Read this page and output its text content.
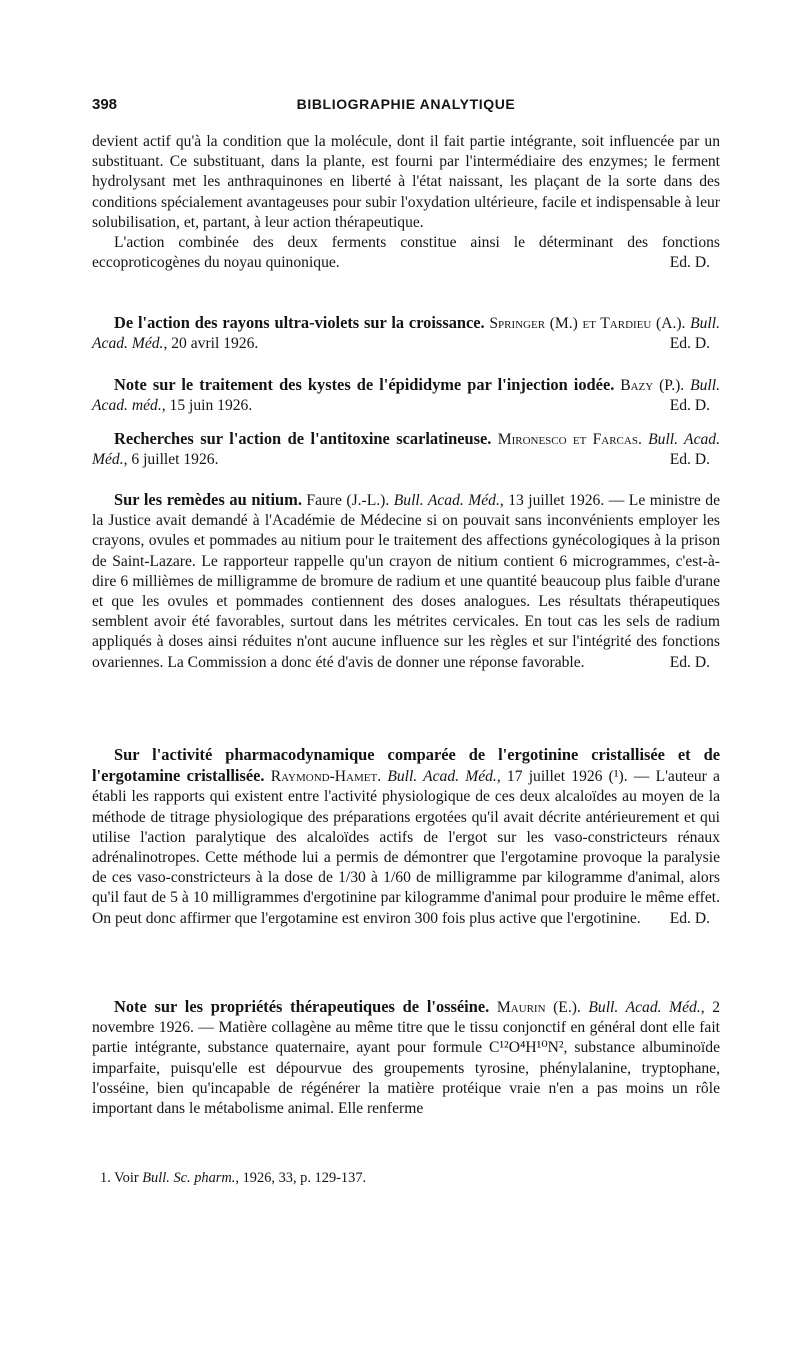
398	BIBLIOGRAPHIE ANALYTIQUE

devient actif qu'à la condition que la molécule, dont il fait partie intégrante, soit influencée par un substituant. Ce substituant, dans la plante, est fourni par l'intermédiaire des enzymes; le ferment hydrolysant met les anthraquinones en liberté à l'état naissant, les plaçant de la sorte dans des conditions spécialement avantageuses pour subir l'oxydation ultérieure, facile et indispensable à leur solubilisation, et, partant, à leur action thérapeutique.

L'action combinée des deux ferments constitue ainsi le déterminant des fonctions eccoproticogènes du noyau quinonique.	Ed. D.

De l'action des rayons ultra-violets sur la croissance. Springer (M.) et Tardieu (A.). Bull. Acad. Méd., 20 avril 1926.	Ed. D.

Note sur le traitement des kystes de l'épididyme par l'injection iodée. Bazy (P.). Bull. Acad. méd., 15 juin 1926.	Ed. D.

Recherches sur l'action de l'antitoxine scarlatineuse. Mironesco et Farcas. Bull. Acad. Méd., 6 juillet 1926.	Ed. D.

Sur les remèdes au nitium. Faure (J.-L.). Bull. Acad. Méd., 13 juillet 1926. — Le ministre de la Justice avait demandé à l'Académie de Médecine si on pouvait sans inconvénients employer les crayons, ovules et pommades au nitium pour le traitement des affections gynécologiques à la prison de Saint-Lazare. Le rapporteur rappelle qu'un crayon de nitium contient 6 microgrammes, c'est-à-dire 6 millièmes de milligramme de bromure de radium et une quantité beaucoup plus faible d'urane et que les ovules et pommades contiennent des doses analogues. Les résultats thérapeutiques semblent avoir été favorables, surtout dans les métrites cervicales. En tout cas les sels de radium appliqués à doses ainsi réduites n'ont aucune influence sur les règles et sur l'intégrité des fonctions ovariennes. La Commission a donc été d'avis de donner une réponse favorable.	Ed. D.

Sur l'activité pharmacodynamique comparée de l'ergotinine cristallisée et de l'ergotamine cristallisée. Raymond-Hamet. Bull. Acad. Méd., 17 juillet 1926 (¹). — L'auteur a établi les rapports qui existent entre l'activité physiologique de ces deux alcaloïdes au moyen de la méthode de titrage physiologique des préparations ergotées qu'il avait décrite antérieurement et qui utilise l'action paralytique des alcaloïdes actifs de l'ergot sur les vaso-constricteurs rénaux adrénalinotropes. Cette méthode lui a permis de démontrer que l'ergotamine provoque la paralysie de ces vaso-constricteurs à la dose de 1/30 à 1/60 de milligramme par kilogramme d'animal, alors qu'il faut de 5 à 10 milligrammes d'ergotinine par kilogramme d'animal pour produire le même effet. On peut donc affirmer que l'ergotamine est environ 300 fois plus active que l'ergotinine.	Ed. D.

Note sur les propriétés thérapeutiques de l'osséine. Maurin (E.). Bull. Acad. Méd., 2 novembre 1926. — Matière collagène au même titre que le tissu conjonctif en général dont elle fait partie intégrante, substance quaternaire, ayant pour formule C¹²O⁴H¹⁰N², substance albuminoïde imparfaite, puisqu'elle est dépourvue des groupements tyrosine, phénylalanine, tryptophane, l'osséine, bien qu'incapable de régénérer la matière protéique vraie n'en a pas moins un rôle important dans le métabolisme animal. Elle renferme

1. Voir Bull. Sc. pharm., 1926, 33, p. 129-137.
